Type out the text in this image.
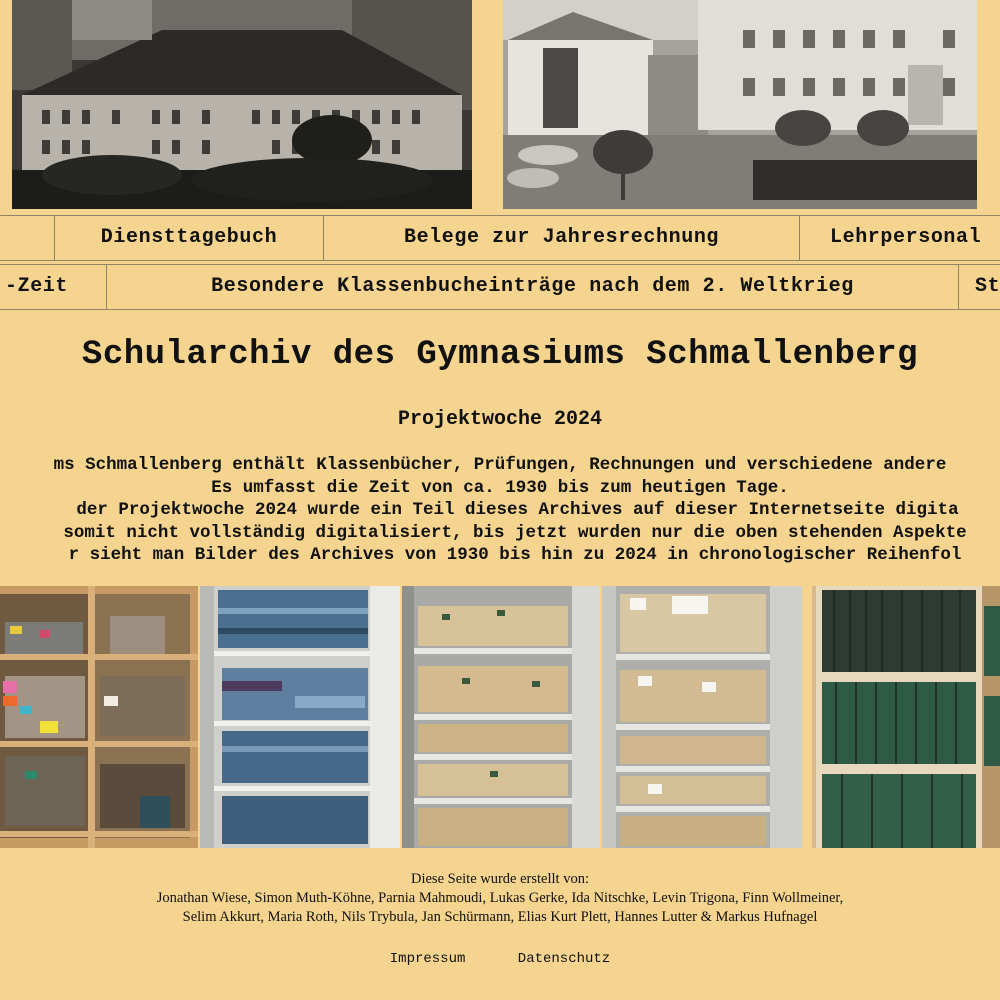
Diensttagebuch	Belege zur Jahresrechnung	Lehrpersonal
-Zeit	Besondere Klassenbucheinträge nach dem 2. Weltkrieg	St
Schularchiv des Gymnasiums Schmallenberg
Projektwoche 2024
ms Schmallenberg enthält Klassenbücher, Prüfungen, Rechnungen und verschiedene andere
Es umfasst die Zeit von ca. 1930 bis zum heutigen Tage.
der Projektwoche 2024 wurde ein Teil dieses Archives auf dieser Internetseite digita
somit nicht vollständig digitalisiert, bis jetzt wurden nur die oben stehenden Aspekte
r sieht man Bilder des Archives von 1930 bis hin zu 2024 in chronologischer Reihenfol
Diese Seite wurde erstellt von:
Jonathan Wiese, Simon Muth-Köhne, Parnia Mahmoudi, Lukas Gerke, Ida Nitschke, Levin Trigona, Finn Wollmeiner,
Selim Akkurt, Maria Roth, Nils Trybula, Jan Schürmann, Elias Kurt Plett, Hannes Lutter & Markus Hufnagel
Impressum	Datenschutz
